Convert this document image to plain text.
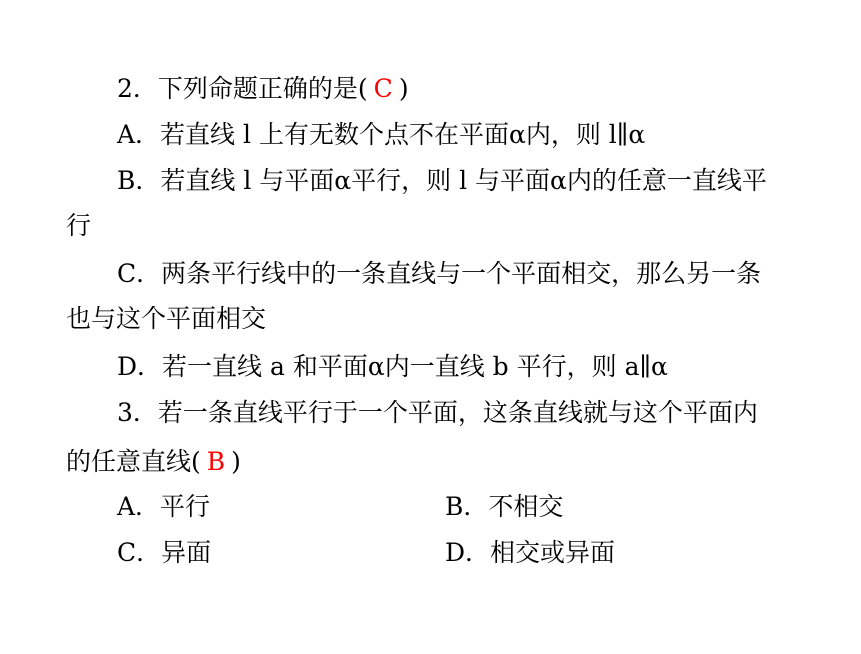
2．下列命题正确的是( C )
A．若直线 l 上有无数个点不在平面α内，则 l∥α
B．若直线 l 与平面α平行，则 l 与平面α内的任意一直线平
行
C．两条平行线中的一条直线与一个平面相交，那么另一条
也与这个平面相交
D．若一直线 a 和平面α内一直线 b 平行，则 a∥α
3．若一条直线平行于一个平面，这条直线就与这个平面内
的任意直线( B )
A．平行	B．不相交
C．异面	D．相交或异面
